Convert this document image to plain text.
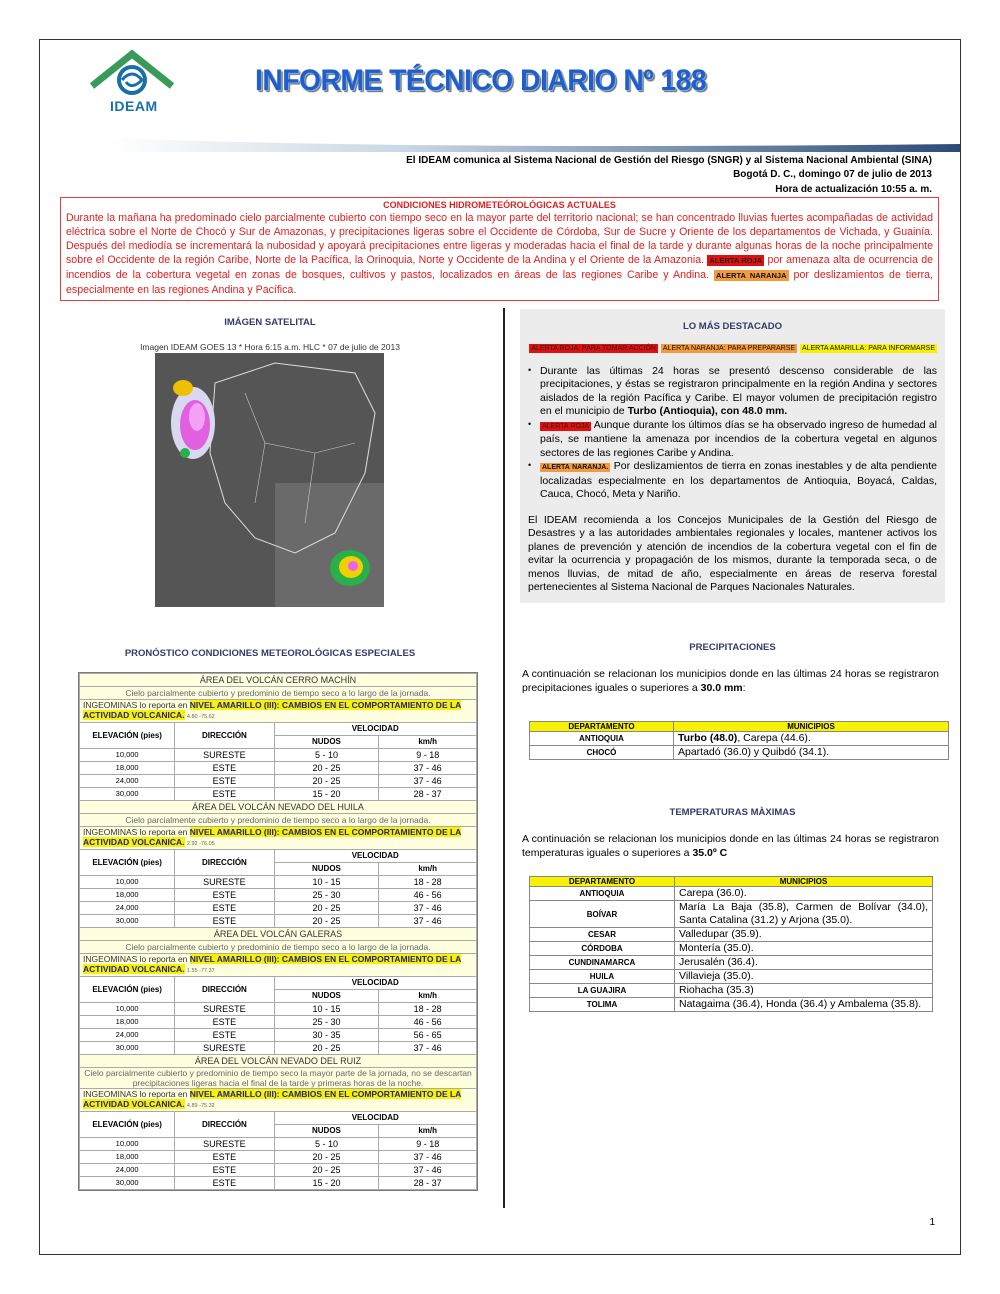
IDEAM
INFORME TÉCNICO DIARIO Nº 188
El IDEAM comunica al Sistema Nacional de Gestión del Riesgo (SNGR) y al Sistema Nacional Ambiental (SINA)
Bogotá D. C., domingo 07 de julio de 2013
Hora de actualización 10:55 a. m.
CONDICIONES HIDROMETEÓROLÓGICAS ACTUALES
Durante la mañana ha predominado cielo parcialmente cubierto con tiempo seco en la mayor parte del territorio nacional; se han concentrado lluvias fuertes acompañadas de actividad eléctrica sobre el Norte de Chocó y Sur de Amazonas, y precipitaciones ligeras sobre el Occidente de Córdoba, Sur de Sucre y Oriente de los departamentos de Vichada, y Guainía. Después del mediodía se incrementará la nubosidad y apoyará precipitaciones entre ligeras y moderadas hacia el final de la tarde y durante algunas horas de la noche principalmente sobre el Occidente de la región Caribe, Norte de la Pacífica, la Orinoquia, Norte y Occidente de la Andina y el Oriente de la Amazonia. ALERTA ROJA por amenaza alta de ocurrencia de incendios de la cobertura vegetal en zonas de bosques, cultivos y pastos, localizados en áreas de las regiones Caribe y Andina. ALERTA NARANJA por deslizamientos de tierra, especialmente en las regiones Andina y Pacífica.
IMÁGEN SATELITAL
Imagen IDEAM GOES 13 * Hora 6:15 a.m. HLC * 07 de julio de 2013
PRONÓSTICO CONDICIONES METEOROLÓGICAS ESPECIALES
ÁREA DEL VOLCÁN CERRO MACHÍN			
Cielo parcialmente cubierto y predominio de tiempo seco a lo largo de la jornada.			
INGEOMINAS lo reporta en NIVEL AMARILLO (III): CAMBIOS EN EL COMPORTAMIENTO DE LA ACTIVIDAD VOLCANICA. 4.80 -75.62			
ELEVACIÓN (pies)	DIRECCIÓN	VELOCIDAD	
		NUDOS	km/h
10,000	SURESTE	5 - 10	9 - 18
18,000	ESTE	20 - 25	37 - 46
24,000	ESTE	20 - 25	37 - 46
30,000	ESTE	15 - 20	28 - 37
ÁREA DEL VOLCÁN NEVADO DEL HUILA			
Cielo parcialmente cubierto y predominio de tiempo seco a lo largo de la jornada.			
INGEOMINAS lo reporta en NIVEL AMARILLO (III): CAMBIOS EN EL COMPORTAMIENTO DE LA ACTIVIDAD VOLCANICA. 2.92 -76.05			
ELEVACIÓN (pies)	DIRECCIÓN	VELOCIDAD	
		NUDOS	km/h
10,000	SURESTE	10 - 15	18 - 28
18,000	ESTE	25 - 30	46 - 56
24,000	ESTE	20 - 25	37 - 46
30,000	ESTE	20 - 25	37 - 46
ÁREA DEL VOLCÁN GALERAS			
Cielo parcialmente cubierto y predominio de tiempo seco a lo largo de la jornada.			
INGEOMINAS lo reporta en NIVEL AMARILLO (III): CAMBIOS EN EL COMPORTAMIENTO DE LA ACTIVIDAD VOLCANICA. 1.55 -77.37			
ELEVACIÓN (pies)	DIRECCIÓN	VELOCIDAD	
		NUDOS	km/h
10,000	SURESTE	10 - 15	18 - 28
18,000	ESTE	25 - 30	46 - 56
24,000	ESTE	30 - 35	56 - 65
30,000	SURESTE	20 - 25	37 - 46
ÁREA DEL VOLCÁN NEVADO DEL RUIZ			
Cielo parcialmente cubierto y predominio de tiempo seco la mayor parte de la jornada, no se descartan precipitaciones ligeras hacia el final de la tarde y primeras horas de la noche.			
INGEOMINAS lo reporta en NIVEL AMARILLO (III): CAMBIOS EN EL COMPORTAMIENTO DE LA ACTIVIDAD VOLCANICA. 4.89 -75.32			
ELEVACIÓN (pies)	DIRECCIÓN	VELOCIDAD	
		NUDOS	km/h
10,000	SURESTE	5 - 10	9 - 18
18,000	ESTE	20 - 25	37 - 46
24,000	ESTE	20 - 25	37 - 46
30,000	ESTE	15 - 20	28 - 37
LO MÁS DESTACADO
ALERTA ROJA: PARA TOMAR ACCIÓN ALERTA NARANJA: PARA PREPARARSE ALERTA AMARILLA: PARA INFORMARSE
• Durante las últimas 24 horas se presentó descenso considerable de las precipitaciones, y éstas se registraron principalmente en la región Andina y sectores aislados de la región Pacífica y Caribe. El mayor volumen de precipitación registro en el municipio de Turbo (Antioquia), con 48.0 mm.
• ALERTA ROJA Aunque durante los últimos días se ha observado ingreso de humedad al país, se mantiene la amenaza por incendios de la cobertura vegetal en algunos sectores de las regiones Caribe y Andina.
• ALERTA NARANJA. Por deslizamientos de tierra en zonas inestables y de alta pendiente localizadas especialmente en los departamentos de Antioquia, Boyacá, Caldas, Cauca, Chocó, Meta y Nariño.

El IDEAM recomienda a los Concejos Municipales de la Gestión del Riesgo de Desastres y a las autoridades ambientales regionales y locales, mantener activos los planes de prevención y atención de incendios de la cobertura vegetal con el fin de evitar la ocurrencia y propagación de los mismos, durante la temporada seca, o de menos lluvias, de mitad de año, especialmente en áreas de reserva forestal pertenecientes al Sistema Nacional de Parques Nacionales Naturales.

PRECIPITACIONES
A continuación se relacionan los municipios donde en las últimas 24 horas se registraron precipitaciones iguales o superiores a 30.0 mm:
DEPARTAMENTO	MUNICIPIOS
ANTIOQUIA	Turbo (48.0), Carepa (44.6).
CHOCÓ	Apartadó (36.0) y Quibdó (34.1).
TEMPERATURAS MÀXIMAS
A continuación se relacionan los municipios donde en las últimas 24 horas se registraron temperaturas iguales o superiores a 35.0º C
DEPARTAMENTO	MUNICIPIOS
ANTIOQUIA	Carepa (36.0).
BOÍVAR	María La Baja (35.8), Carmen de Bolívar (34.0), Santa Catalina (31.2) y Arjona (35.0).
CESAR	Valledupar (35.9).
CÓRDOBA	Montería (35.0).
CUNDINAMARCA	Jerusalén (36.4).
HUILA	Villavieja (35.0).
LA GUAJIRA	Riohacha (35.3)
TOLIMA	Natagaima (36.4), Honda (36.4) y Ambalema (35.8).
1
